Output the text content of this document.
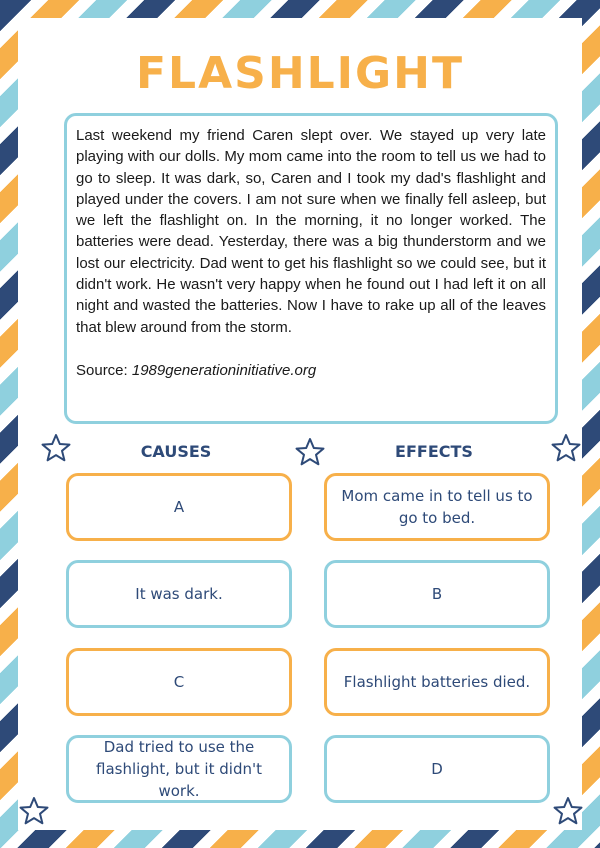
FLASHLIGHT

Last weekend my friend Caren slept over. We stayed up very late playing with our dolls. My mom came into the room to tell us we had to go to sleep. It was dark, so, Caren and I took my dad's flashlight and played under the covers. I am not sure when we finally fell asleep, but we left the flashlight on. In the morning, it no longer worked. The batteries were dead. Yesterday, there was a big thunderstorm and we lost our electricity. Dad went to get his flashlight so we could see, but it didn't work. He wasn't very happy when he found out I had left it on all night and wasted the batteries. Now I have to rake up all of the leaves that blew around from the storm.

Source: 1989generationinitiative.org

CAUSES	EFFECTS
A
It was dark.
C
Dad tried to use the flashlight, but it didn't work.
Mom came in to tell us to go to bed.
B
Flashlight batteries died.
D
